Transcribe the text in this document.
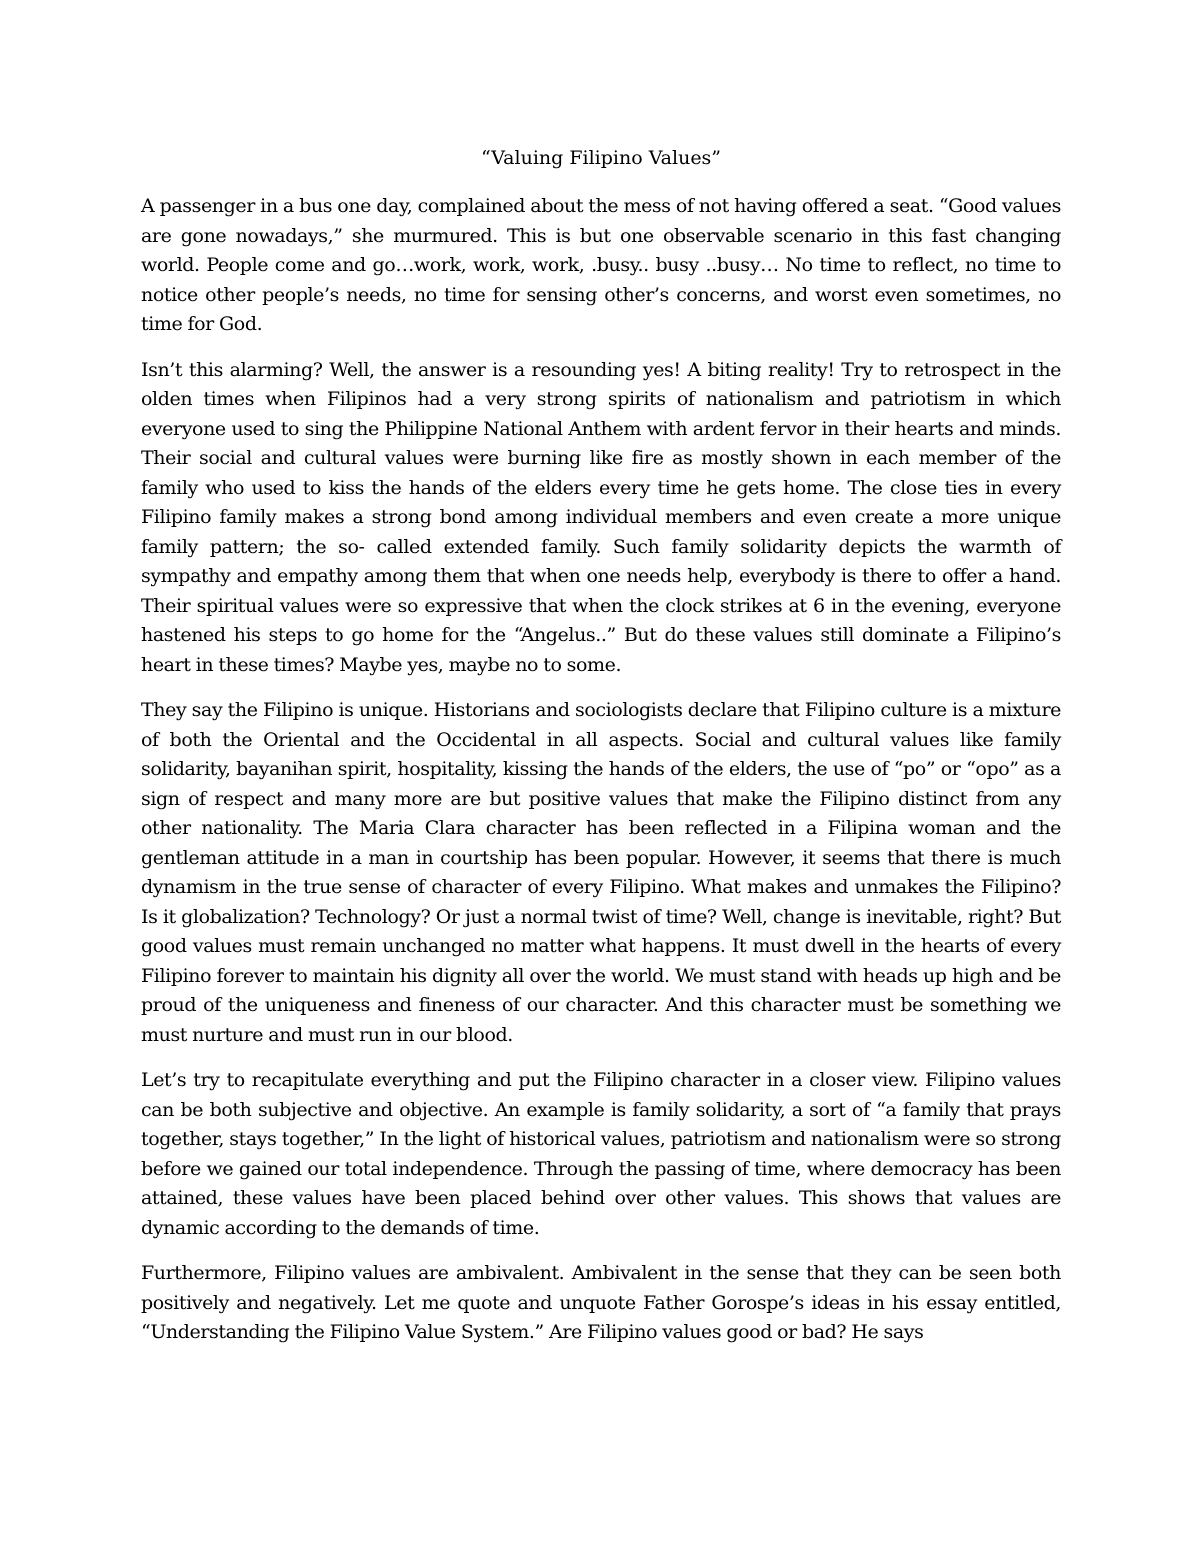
“Valuing Filipino Values”

A passenger in a bus one day, complained about the mess of not having offered a seat. “Good values are gone nowadays,” she murmured. This is but one observable scenario in this fast changing world. People come and go…work, work, work, .busy.. busy ..busy… No time to reflect, no time to notice other people’s needs, no time for sensing other’s concerns, and worst even sometimes, no time for God.

Isn’t this alarming? Well, the answer is a resounding yes! A biting reality! Try to retrospect in the olden times when Filipinos had a very strong spirits of nationalism and patriotism in which everyone used to sing the Philippine National Anthem with ardent fervor in their hearts and minds. Their social and cultural values were burning like fire as mostly shown in each member of the family who used to kiss the hands of the elders every time he gets home. The close ties in every Filipino family makes a strong bond among individual members and even create a more unique family pattern; the so- called extended family. Such family solidarity depicts the warmth of sympathy and empathy among them that when one needs help, everybody is there to offer a hand. Their spiritual values were so expressive that when the clock strikes at 6 in the evening, everyone hastened his steps to go home for the “Angelus..” But do these values still dominate a Filipino’s heart in these times? Maybe yes, maybe no to some.

They say the Filipino is unique. Historians and sociologists declare that Filipino culture is a mixture of both the Oriental and the Occidental in all aspects. Social and cultural values like family solidarity, bayanihan spirit, hospitality, kissing the hands of the elders, the use of “po” or “opo” as a sign of respect and many more are but positive values that make the Filipino distinct from any other nationality. The Maria Clara character has been reflected in a Filipina woman and the gentleman attitude in a man in courtship has been popular. However, it seems that there is much dynamism in the true sense of character of every Filipino. What makes and unmakes the Filipino? Is it globalization? Technology? Or just a normal twist of time? Well, change is inevitable, right? But good values must remain unchanged no matter what happens. It must dwell in the hearts of every Filipino forever to maintain his dignity all over the world. We must stand with heads up high and be proud of the uniqueness and fineness of our character. And this character must be something we must nurture and must run in our blood.

Let’s try to recapitulate everything and put the Filipino character in a closer view. Filipino values can be both subjective and objective. An example is family solidarity, a sort of “a family that prays together, stays together,” In the light of historical values, patriotism and nationalism were so strong before we gained our total independence. Through the passing of time, where democracy has been attained, these values have been placed behind over other values. This shows that values are dynamic according to the demands of time.

Furthermore, Filipino values are ambivalent. Ambivalent in the sense that they can be seen both positively and negatively. Let me quote and unquote Father Gorospe’s ideas in his essay entitled, “Understanding the Filipino Value System.” Are Filipino values good or bad? He says
